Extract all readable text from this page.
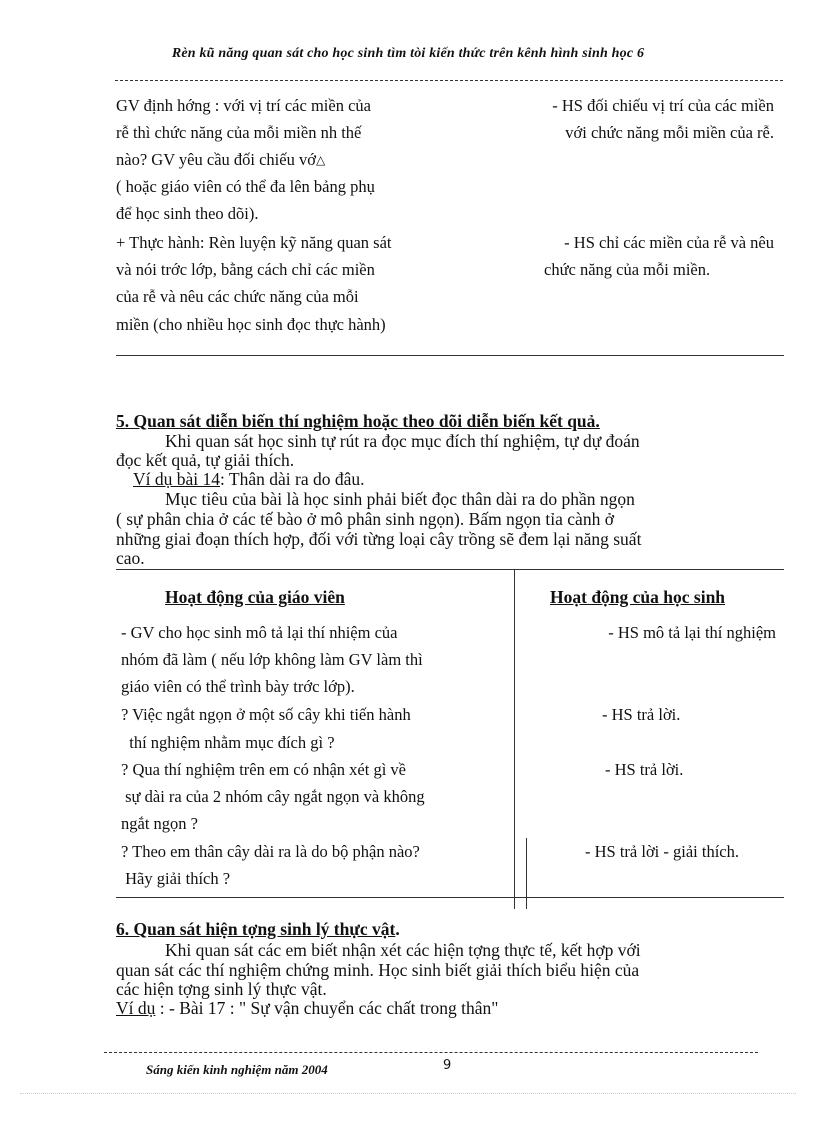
Rèn kũ năng quan sát cho học sinh tìm tòi kiến thức trên kênh hình sinh học 6
GV định hớng : với vị trí các miền của
rễ thì chức năng của mỗi miền nh thế
nào? GV yêu cầu đối chiếu vớ△
( hoặc giáo viên có thể đa lên bảng phụ
để học sinh theo dõi).
+ Thực hành: Rèn luyện kỹ năng quan sát
và nói trớc lớp, bằng cách chỉ các miền
của rễ và nêu các chức năng của mỗi
miền (cho nhiều học sinh đọc thực hành)
- HS đối chiếu vị trí của các miền
với chức năng mỗi miền của rễ.
- HS chỉ các miền của rễ và nêu
chức năng của mỗi miền.
5. Quan sát diễn biến thí nghiệm hoặc theo dõi diễn biến kết quả.
Khi quan sát học sinh tự rút ra đọc mục đích thí nghiệm, tự dự đoán
đọc kết quả, tự giải thích.
Ví dụ bài 14: Thân dài ra do đâu.
Mục tiêu của bài là học sinh phải biết đọc thân dài ra do phần ngọn
( sự phân chia ở các tế bào ở mô phân sinh ngọn). Bấm ngọn tỉa cành ở
những giai đoạn thích hợp, đối với từng loại cây trồng sẽ đem lại năng suất
cao.
Hoạt động của giáo viên	Hoạt động của học sinh
- GV cho học sinh mô tả lại thí nhiệm của
nhóm đã làm ( nếu lớp không làm GV làm thì
giáo viên có thể trình bày trớc lớp).
? Việc ngắt ngọn ở một số cây khi tiến hành
thí nghiệm nhằm mục đích gì ?
? Qua thí nghiệm trên em có nhận xét gì về
sự dài ra của 2 nhóm cây ngắt ngọn và không
ngắt ngọn ?
? Theo em thân cây dài ra là do bộ phận nào?
Hãy giải thích ?
- HS mô tả lại thí nghiệm
- HS trả lời.
- HS trả lời.
- HS trả lời - giải thích.
6. Quan sát hiện tợng sinh lý thực vật.
Khi quan sát các em biết nhận xét các hiện tợng thực tế, kết hợp với
quan sát các thí nghiệm chứng minh. Học sinh biết giải thích biểu hiện của
các hiện tợng sinh lý thực vật.
Ví dụ : - Bài 17 : " Sự vận chuyển các chất trong thân"
Sáng kiến kinh nghiệm năm 2004	9
